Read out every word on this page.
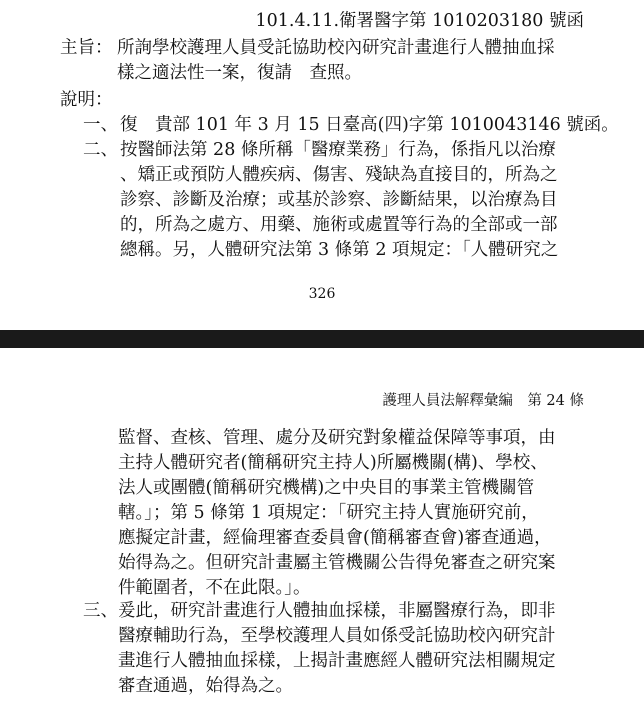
101.4.11.衛署醫字第 1010203180 號函
主旨： 所詢學校護理人員受託協助校內研究計畫進行人體抽血採
樣之適法性一案，復請　查照。
說明：
一、 復　貴部 101 年 3 月 15 日臺高(四)字第 1010043146 號函。
二、 按醫師法第 28 條所稱「醫療業務」行為，係指凡以治療
、矯正或預防人體疾病、傷害、殘缺為直接目的，所為之
診察、診斷及治療；或基於診察、診斷結果，以治療為目
的，所為之處方、用藥、施術或處置等行為的全部或一部
總稱。另，人體研究法第 3 條第 2 項規定：「人體研究之
326
護理人員法解釋彙編　第 24 條
監督、查核、管理、處分及研究對象權益保障等事項，由
主持人體研究者(簡稱研究主持人)所屬機關(構)、學校、
法人或團體(簡稱研究機構)之中央目的事業主管機關管
轄。」；第 5 條第 1 項規定：「研究主持人實施研究前，
應擬定計畫，經倫理審查委員會(簡稱審查會)審查通過，
始得為之。但研究計畫屬主管機關公告得免審查之研究案
件範圍者，不在此限。」。
三、 爰此，研究計畫進行人體抽血採樣，非屬醫療行為，即非
醫療輔助行為，至學校護理人員如係受託協助校內研究計
畫進行人體抽血採樣，上揭計畫應經人體研究法相關規定
審查通過，始得為之。
